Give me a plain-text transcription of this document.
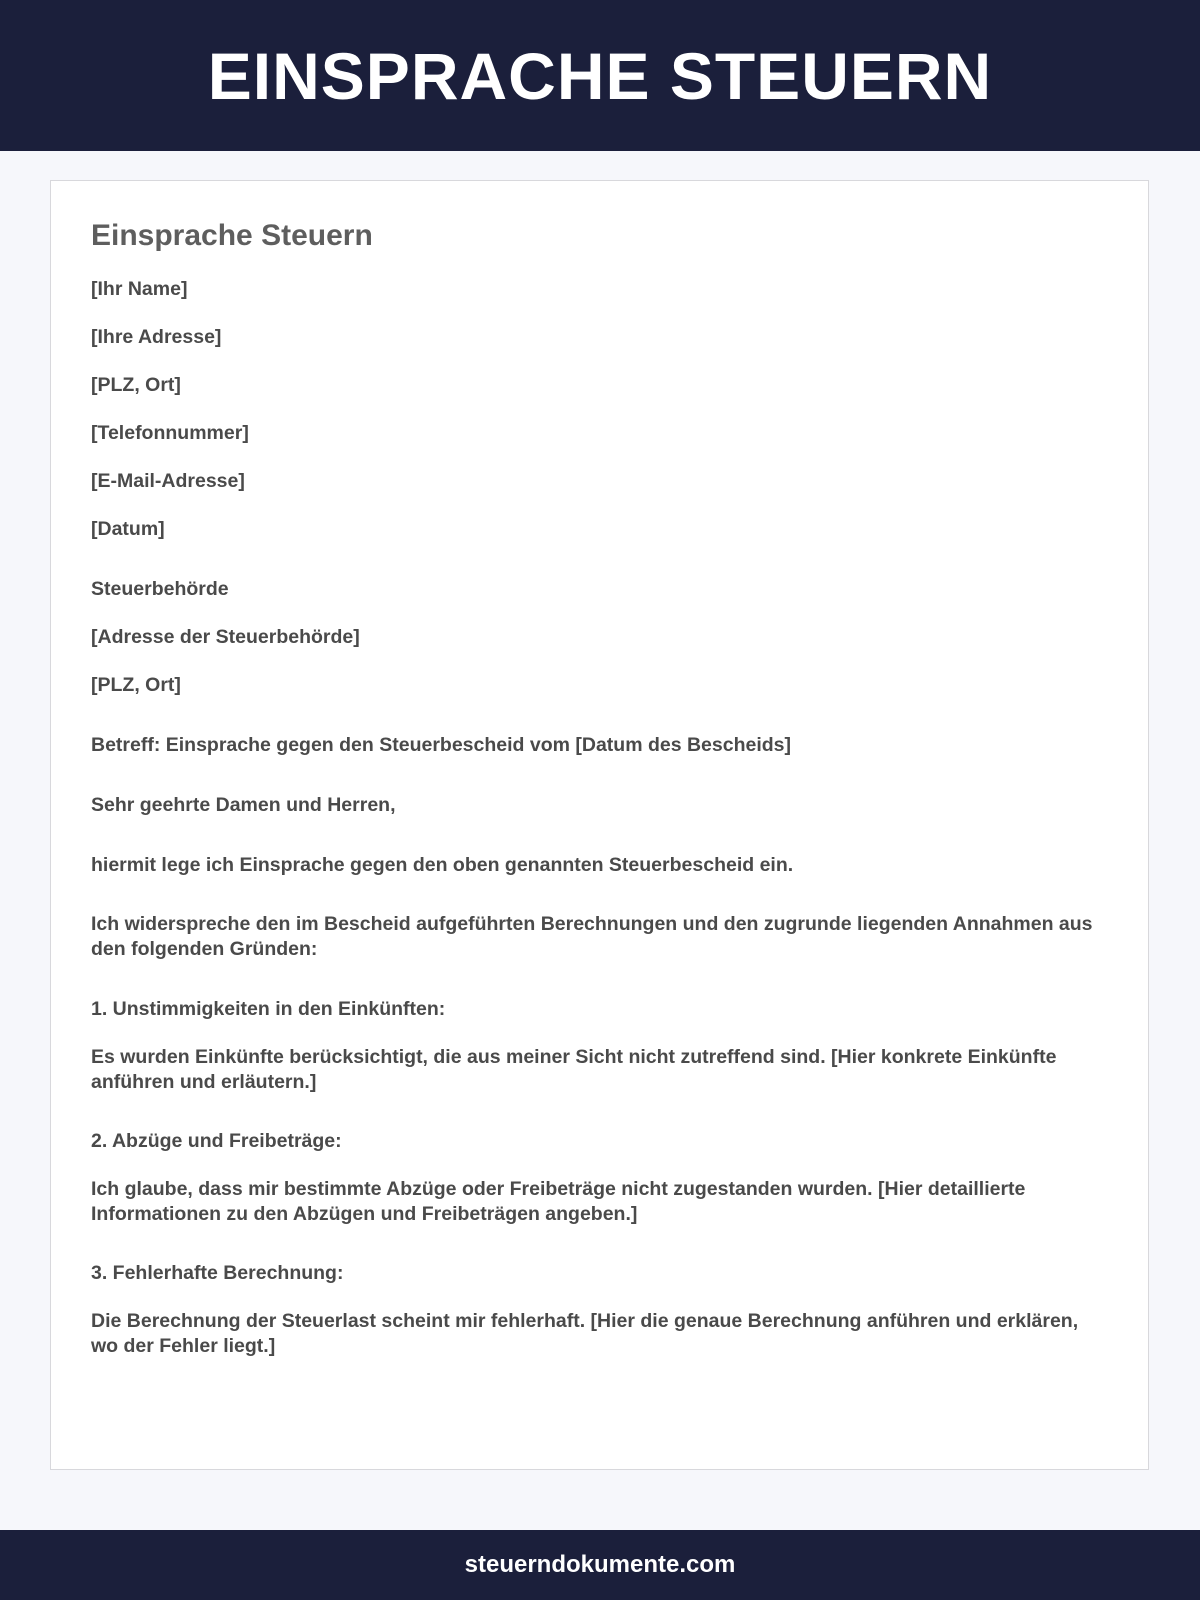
EINSPRACHE STEUERN
Einsprache Steuern

[Ihr Name]

[Ihre Adresse]

[PLZ, Ort]

[Telefonnummer]

[E-Mail-Adresse]

[Datum]

Steuerbehörde

[Adresse der Steuerbehörde]

[PLZ, Ort]

Betreff: Einsprache gegen den Steuerbescheid vom [Datum des Bescheids]

Sehr geehrte Damen und Herren,

hiermit lege ich Einsprache gegen den oben genannten Steuerbescheid ein.

Ich widerspreche den im Bescheid aufgeführten Berechnungen und den zugrunde liegenden Annahmen aus den folgenden Gründen:

1. Unstimmigkeiten in den Einkünften:

Es wurden Einkünfte berücksichtigt, die aus meiner Sicht nicht zutreffend sind. [Hier konkrete Einkünfte anführen und erläutern.]

2. Abzüge und Freibeträge:

Ich glaube, dass mir bestimmte Abzüge oder Freibeträge nicht zugestanden wurden. [Hier detaillierte Informationen zu den Abzügen und Freibeträgen angeben.]

3. Fehlerhafte Berechnung:

Die Berechnung der Steuerlast scheint mir fehlerhaft. [Hier die genaue Berechnung anführen und erklären, wo der Fehler liegt.]

steuerndokumente.com
